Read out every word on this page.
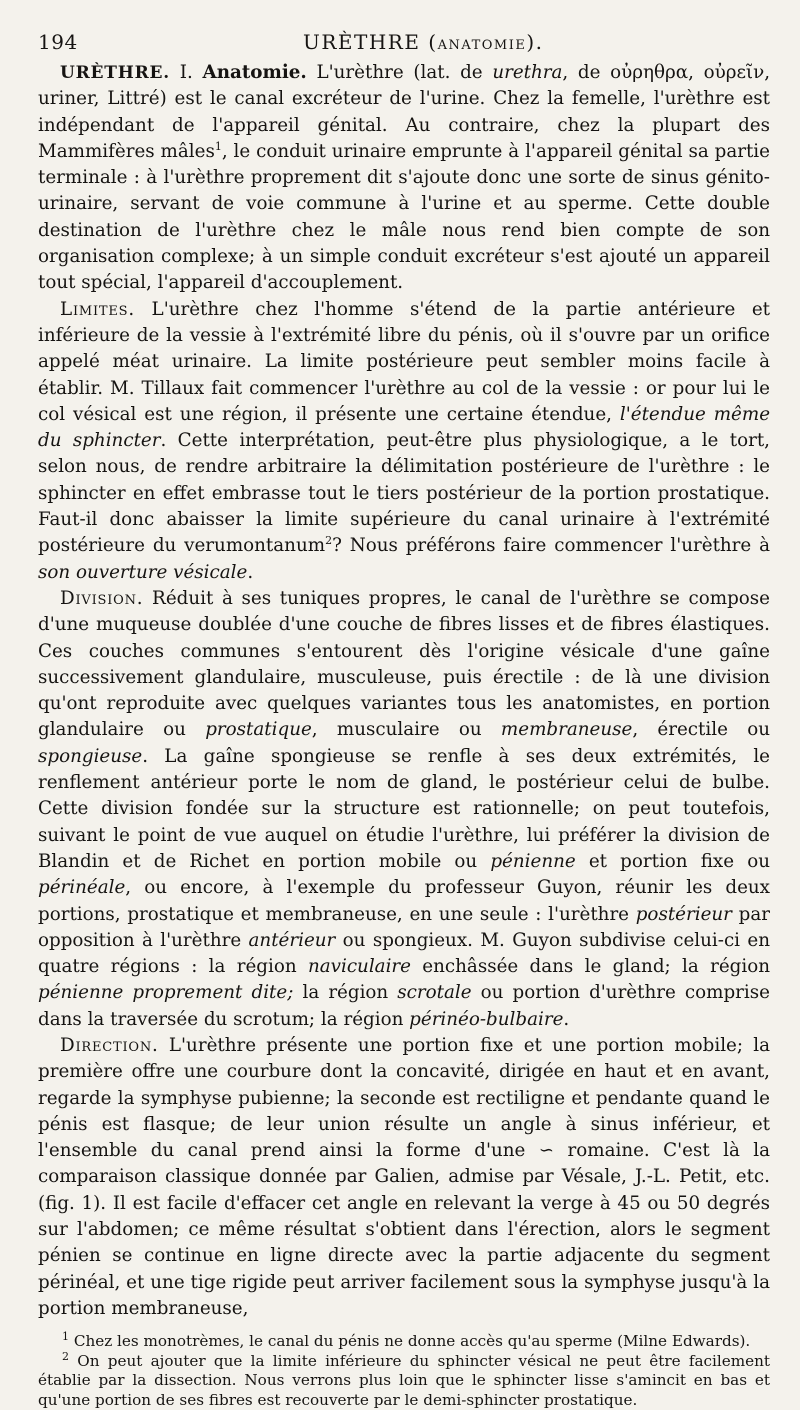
194	URÈTHRE (ANATOMIE).

URÈTHRE. I. Anatomie. L'urèthre (lat. de urethra, de οὐρηθρα, οὐρεῖν, uriner, Littré) est le canal excréteur de l'urine. Chez la femelle, l'urèthre est indépendant de l'appareil génital. Au contraire, chez la plupart des Mammifères mâles$^1$, le conduit urinaire emprunte à l'appareil génital sa partie terminale : à l'urèthre proprement dit s'ajoute donc une sorte de sinus génito-urinaire, servant de voie commune à l'urine et au sperme. Cette double destination de l'urèthre chez le mâle nous rend bien compte de son organisation complexe; à un simple conduit excréteur s'est ajouté un appareil tout spécial, l'appareil d'accouplement.

Limites. L'urèthre chez l'homme s'étend de la partie antérieure et inférieure de la vessie à l'extrémité libre du pénis, où il s'ouvre par un orifice appelé méat urinaire. La limite postérieure peut sembler moins facile à établir. M. Tillaux fait commencer l'urèthre au col de la vessie : or pour lui le col vésical est une région, il présente une certaine étendue, l'étendue même du sphincter. Cette interprétation, peut-être plus physiologique, a le tort, selon nous, de rendre arbitraire la délimitation postérieure de l'urèthre : le sphincter en effet embrasse tout le tiers postérieur de la portion prostatique. Faut-il donc abaisser la limite supérieure du canal urinaire à l'extrémité postérieure du verumontanum$^2$? Nous préférons faire commencer l'urèthre à son ouverture vésicale.

Division. Réduit à ses tuniques propres, le canal de l'urèthre se compose d'une muqueuse doublée d'une couche de fibres lisses et de fibres élastiques. Ces couches communes s'entourent dès l'origine vésicale d'une gaîne successivement glandulaire, musculeuse, puis érectile : de là une division qu'ont reproduite avec quelques variantes tous les anatomistes, en portion glandulaire ou prostatique, musculaire ou membraneuse, érectile ou spongieuse. La gaîne spongieuse se renfle à ses deux extrémités, le renflement antérieur porte le nom de gland, le postérieur celui de bulbe. Cette division fondée sur la structure est rationnelle; on peut toutefois, suivant le point de vue auquel on étudie l'urèthre, lui préférer la division de Blandin et de Richet en portion mobile ou pénienne et portion fixe ou périnéale, ou encore, à l'exemple du professeur Guyon, réunir les deux portions, prostatique et membraneuse, en une seule : l'urèthre postérieur par opposition à l'urèthre antérieur ou spongieux. M. Guyon subdivise celui-ci en quatre régions : la région naviculaire enchâssée dans le gland; la région pénienne proprement dite; la région scrotale ou portion d'urèthre comprise dans la traversée du scrotum; la région périnéo-bulbaire.

Direction. L'urèthre présente une portion fixe et une portion mobile; la première offre une courbure dont la concavité, dirigée en haut et en avant, regarde la symphyse pubienne; la seconde est rectiligne et pendante quand le pénis est flasque; de leur union résulte un angle à sinus inférieur, et l'ensemble du canal prend ainsi la forme d'une ∽ romaine. C'est là la comparaison classique donnée par Galien, admise par Vésale, J.-L. Petit, etc. (fig. 1). Il est facile d'effacer cet angle en relevant la verge à 45 ou 50 degrés sur l'abdomen; ce même résultat s'obtient dans l'érection, alors le segment pénien se continue en ligne directe avec la partie adjacente du segment périnéal, et une tige rigide peut arriver facilement sous la symphyse jusqu'à la portion membraneuse,

$^1$ Chez les monotrèmes, le canal du pénis ne donne accès qu'au sperme (Milne Edwards).

$^2$ On peut ajouter que la limite inférieure du sphincter vésical ne peut être facilement établie par la dissection. Nous verrons plus loin que le sphincter lisse s'amincit en bas et qu'une portion de ses fibres est recouverte par le demi-sphincter prostatique.
